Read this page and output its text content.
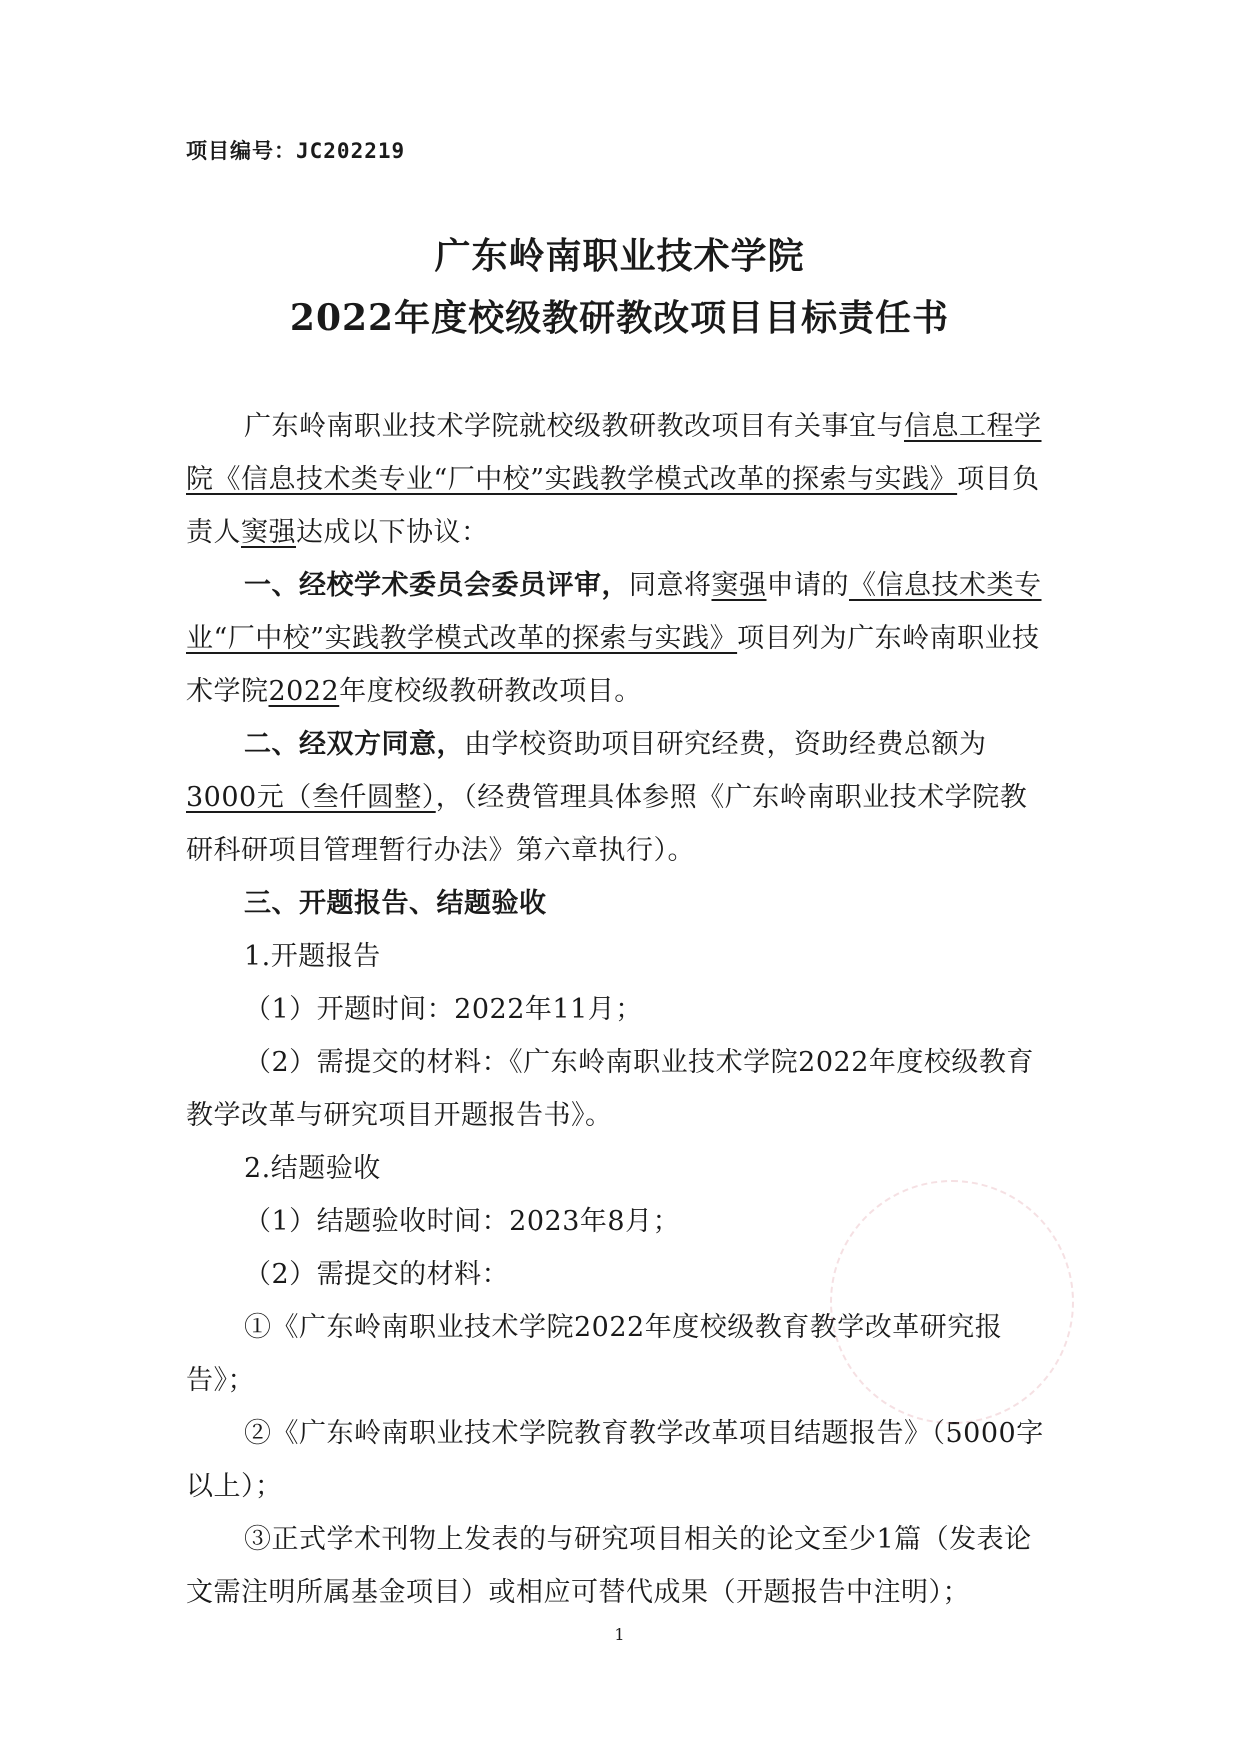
项目编号：JC202219
广东岭南职业技术学院
2022年度校级教研教改项目目标责任书

广东岭南职业技术学院就校级教研教改项目有关事宜与信息工程学院《信息技术类专业“厂中校”实践教学模式改革的探索与实践》项目负责人窦强达成以下协议：

一、经校学术委员会委员评审，同意将窦强申请的《信息技术类专业“厂中校”实践教学模式改革的探索与实践》项目列为广东岭南职业技术学院2022年度校级教研教改项目。

二、经双方同意，由学校资助项目研究经费，资助经费总额为3000元（叁仟圆整），（经费管理具体参照《广东岭南职业技术学院教研科研项目管理暂行办法》第六章执行）。

三、开题报告、结题验收

1.开题报告

（1）开题时间：2022年11月；

（2）需提交的材料：《广东岭南职业技术学院2022年度校级教育教学改革与研究项目开题报告书》。

2.结题验收

（1）结题验收时间：2023年8月；

（2）需提交的材料：

①《广东岭南职业技术学院2022年度校级教育教学改革研究报告》；

②《广东岭南职业技术学院教育教学改革项目结题报告》（5000字以上）；

③正式学术刊物上发表的与研究项目相关的论文至少1篇（发表论文需注明所属基金项目）或相应可替代成果（开题报告中注明）；

1
